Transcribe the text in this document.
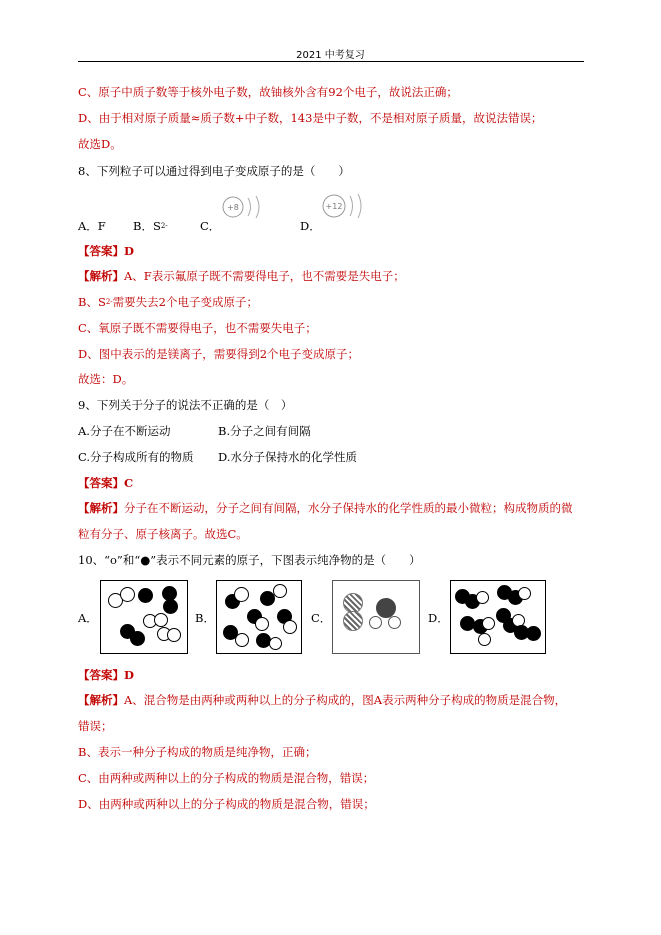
2021 中考复习
C、原子中质子数等于核外电子数，故铀核外含有92个电子，故说法正确；
D、由于相对原子质量≈质子数+中子数，143是中子数，不是相对原子质量，故说法错误；
故选D。
8、下列粒子可以通过得到电子变成原子的是（　　）
A．F B．$S^{2-}$	C．
+8
D．
+12
【答案】D
【解析】A、F表示氟原子既不需要得电子，也不需要是失电子；
B、$S^{2-}$需要失去2个电子变成原子；
C、氧原子既不需要得电子，也不需要失电子；
D、图中表示的是镁离子，需要得到2个电子变成原子；
故选：D。
9、下列关于分子的说法不正确的是（　）
A.分子在不断运动	B.分子之间有间隔
C.分子构成所有的物质 D.水分子保持水的化学性质
【答案】C
【解析】分子在不断运动，分子之间有间隔，水分子保持水的化学性质的最小微粒；构成物质的微
粒有分子、原子核离子。故选C。
10、“o”和“●”表示不同元素的原子，下图表示纯净物的是（　　）
A．	B．	C．	D．
【答案】D
【解析】A、混合物是由两种或两种以上的分子构成的，图A表示两种分子构成的物质是混合物，
错误；
B、表示一种分子构成的物质是纯净物，正确；
C、由两种或两种以上的分子构成的物质是混合物，错误；
D、由两种或两种以上的分子构成的物质是混合物，错误；
